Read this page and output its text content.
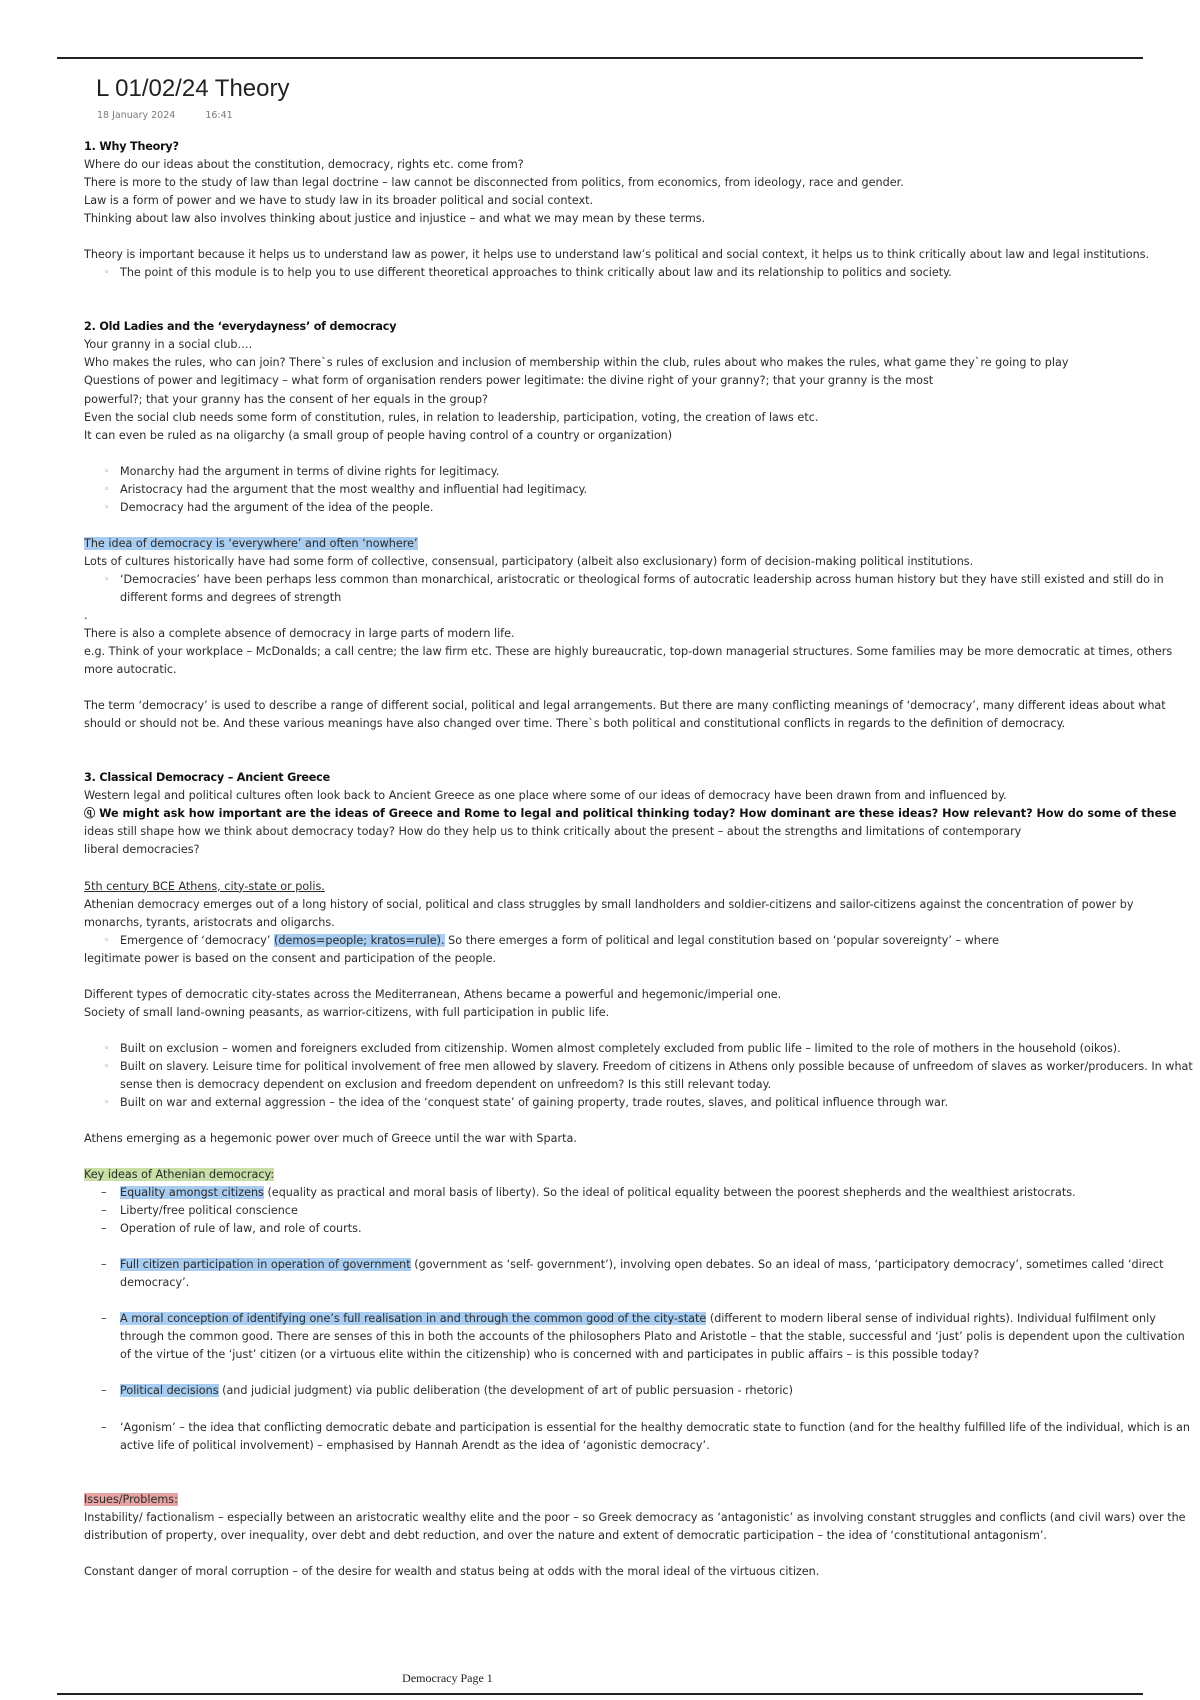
L 01/02/24 Theory
18 January 2024	16:41
1. Why Theory?
Where do our ideas about the constitution, democracy, rights etc. come from?
There is more to the study of law than legal doctrine – law cannot be disconnected from politics, from economics, from ideology, race and gender.
Law is a form of power and we have to study law in its broader political and social context.
Thinking about law also involves thinking about justice and injustice – and what we may mean by these terms.
Theory is important because it helps us to understand law as power, it helps use to understand law’s political and social context, it helps us to think critically about law and legal institutions.
◦ The point of this module is to help you to use different theoretical approaches to think critically about law and its relationship to politics and society.
2. Old Ladies and the ‘everydayness’ of democracy
Your granny in a social club….
Who makes the rules, who can join? There`s rules of exclusion and inclusion of membership within the club, rules about who makes the rules, what game they`re going to play
Questions of power and legitimacy – what form of organisation renders power legitimate: the divine right of your granny?; that your granny is the most
powerful?; that your granny has the consent of her equals in the group?
Even the social club needs some form of constitution, rules, in relation to leadership, participation, voting, the creation of laws etc.
It can even be ruled as na oligarchy (a small group of people having control of a country or organization)
◦ Monarchy had the argument in terms of divine rights for legitimacy.
◦ Aristocracy had the argument that the most wealthy and influential had legitimacy.
◦ Democracy had the argument of the idea of the people.
The idea of democracy is ‘everywhere’ and often ‘nowhere’
Lots of cultures historically have had some form of collective, consensual, participatory (albeit also exclusionary) form of decision-making political institutions.
◦ ‘Democracies’ have been perhaps less common than monarchical, aristocratic or theological forms of autocratic leadership across human history but they have still existed and still do in different forms and degrees of strength
.
There is also a complete absence of democracy in large parts of modern life.
e.g. Think of your workplace – McDonalds; a call centre; the law firm etc. These are highly bureaucratic, top-down managerial structures. Some families may be more democratic at times, others more autocratic.
The term ‘democracy’ is used to describe a range of different social, political and legal arrangements. But there are many conflicting meanings of ‘democracy’, many different ideas about what should or should not be. And these various meanings have also changed over time. There`s both political and constitutional conflicts in regards to the definition of democracy.
3. Classical Democracy – Ancient Greece
Western legal and political cultures often look back to Ancient Greece as one place where some of our ideas of democracy have been drawn from and influenced by.
ⓠ We might ask how important are the ideas of Greece and Rome to legal and political thinking today? How dominant are these ideas? How relevant? How do some of these
ideas still shape how we think about democracy today? How do they help us to think critically about the present – about the strengths and limitations of contemporary
liberal democracies?
5th century BCE Athens, city-state or polis.
Athenian democracy emerges out of a long history of social, political and class struggles by small landholders and soldier-citizens and sailor-citizens against the concentration of power by monarchs, tyrants, aristocrats and oligarchs.
◦ Emergence of ‘democracy’ (demos=people; kratos=rule). So there emerges a form of political and legal constitution based on ‘popular sovereignty’ – where
legitimate power is based on the consent and participation of the people.
Different types of democratic city-states across the Mediterranean, Athens became a powerful and hegemonic/imperial one.
Society of small land-owning peasants, as warrior-citizens, with full participation in public life.
◦ Built on exclusion – women and foreigners excluded from citizenship. Women almost completely excluded from public life – limited to the role of mothers in the household (oikos).
◦ Built on slavery. Leisure time for political involvement of free men allowed by slavery. Freedom of citizens in Athens only possible because of unfreedom of slaves as worker/producers. In what sense then is democracy dependent on exclusion and freedom dependent on unfreedom? Is this still relevant today.
◦ Built on war and external aggression – the idea of the ‘conquest state’ of gaining property, trade routes, slaves, and political influence through war.
Athens emerging as a hegemonic power over much of Greece until the war with Sparta.
Key ideas of Athenian democracy:
– Equality amongst citizens (equality as practical and moral basis of liberty). So the ideal of political equality between the poorest shepherds and the wealthiest aristocrats.
– Liberty/free political conscience
– Operation of rule of law, and role of courts.
– Full citizen participation in operation of government (government as ‘self- government’), involving open debates. So an ideal of mass, ‘participatory democracy’, sometimes called ‘direct democracy’.
– A moral conception of identifying one’s full realisation in and through the common good of the city-state (different to modern liberal sense of individual rights). Individual fulfilment only through the common good. There are senses of this in both the accounts of the philosophers Plato and Aristotle – that the stable, successful and ‘just’ polis is dependent upon the cultivation of the virtue of the ‘just’ citizen (or a virtuous elite within the citizenship) who is concerned with and participates in public affairs – is this possible today?
– Political decisions (and judicial judgment) via public deliberation (the development of art of public persuasion - rhetoric)
– ‘Agonism’ – the idea that conflicting democratic debate and participation is essential for the healthy democratic state to function (and for the healthy fulfilled life of the individual, which is an active life of political involvement) – emphasised by Hannah Arendt as the idea of ‘agonistic democracy’.
Issues/Problems:
Instability/ factionalism – especially between an aristocratic wealthy elite and the poor – so Greek democracy as ‘antagonistic’ as involving constant struggles and conflicts (and civil wars) over the distribution of property, over inequality, over debt and debt reduction, and over the nature and extent of democratic participation – the idea of ‘constitutional antagonism’.
Constant danger of moral corruption – of the desire for wealth and status being at odds with the moral ideal of the virtuous citizen.
Democracy Page 1
